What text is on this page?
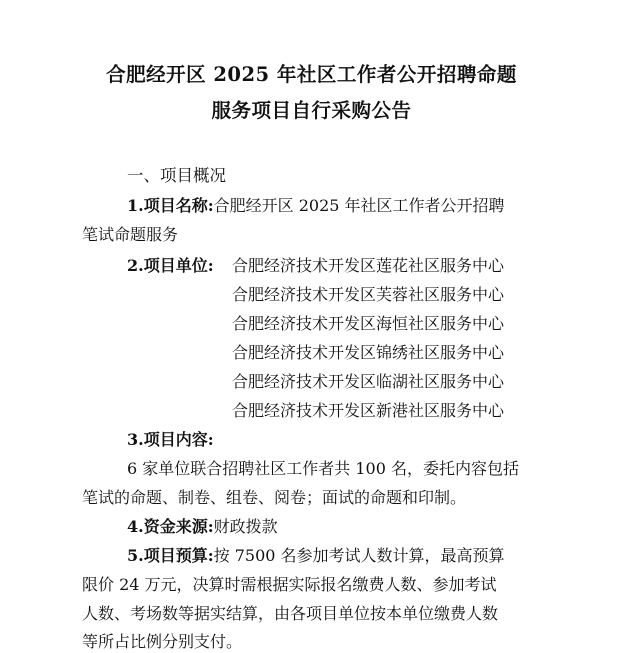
合肥经开区 2025 年社区工作者公开招聘命题
服务项目自行采购公告
一、项目概况
1.项目名称:合肥经开区 2025 年社区工作者公开招聘
笔试命题服务
2.项目单位: 合肥经济技术开发区莲花社区服务中心
合肥经济技术开发区芙蓉社区服务中心
合肥经济技术开发区海恒社区服务中心
合肥经济技术开发区锦绣社区服务中心
合肥经济技术开发区临湖社区服务中心
合肥经济技术开发区新港社区服务中心
3.项目内容:
6 家单位联合招聘社区工作者共 100 名，委托内容包括
笔试的命题、制卷、组卷、阅卷；面试的命题和印制。
4.资金来源:财政拨款
5.项目预算:按 7500 名参加考试人数计算，最高预算
限价 24 万元，决算时需根据实际报名缴费人数、参加考试
人数、考场数等据实结算，由各项目单位按本单位缴费人数
等所占比例分别支付。
